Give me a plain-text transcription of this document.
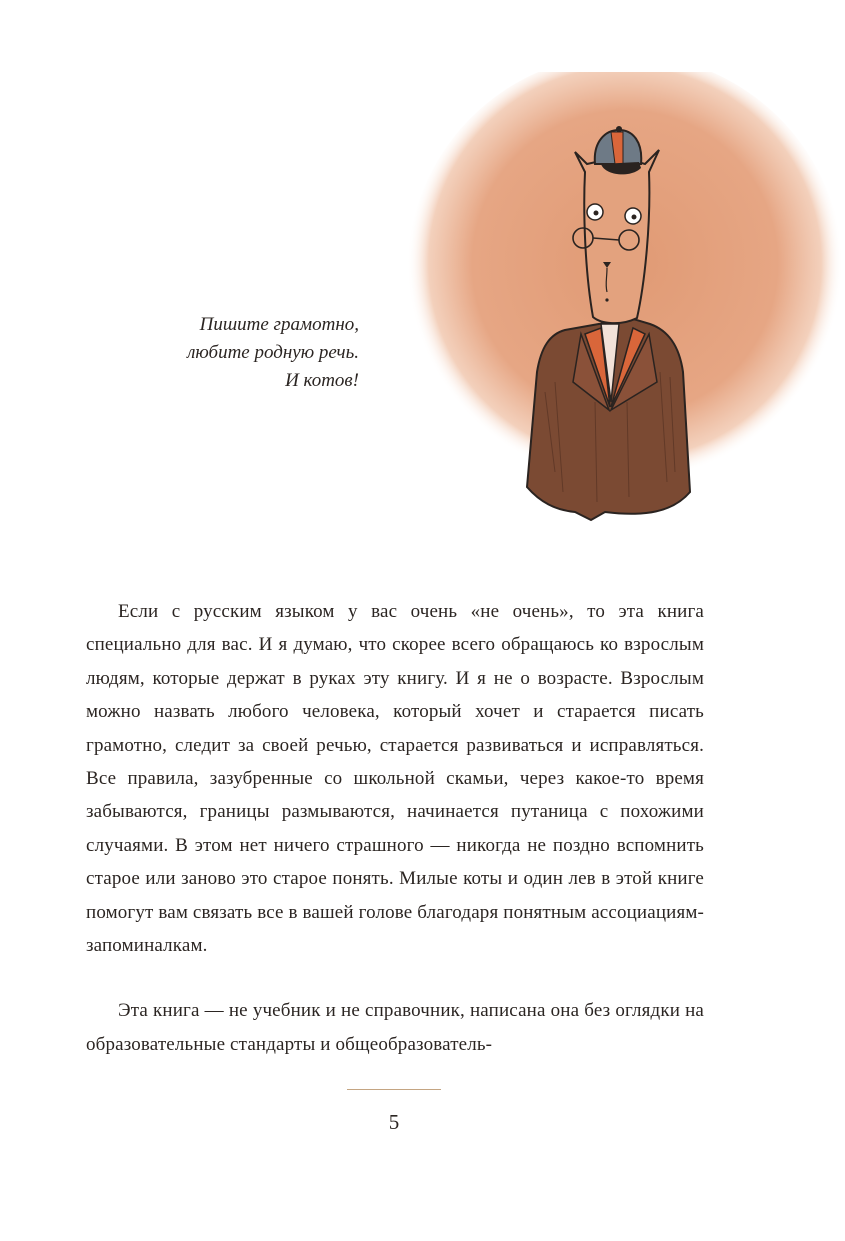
Пишите грамотно,
любите родную речь.
И котов!

Если с русским языком у вас очень «не очень», то эта книга специально для вас. И я думаю, что скорее всего обращаюсь ко взрослым людям, которые держат в руках эту книгу. И я не о возрасте. Взрослым можно назвать любого человека, который хочет и старается писать грамотно, следит за своей речью, старается развиваться и исправляться. Все правила, зазубренные со школьной скамьи, через какое-то время забываются, границы размываются, начинается путаница с похожими случаями. В этом нет ничего страшного — никогда не поздно вспомнить старое или заново это старое понять. Милые коты и один лев в этой книге помогут вам связать все в вашей голове благодаря понятным ассоциациям-запоминалкам.

Эта книга — не учебник и не справочник, написана она без оглядки на образовательные стандарты и общеобразователь-

5
